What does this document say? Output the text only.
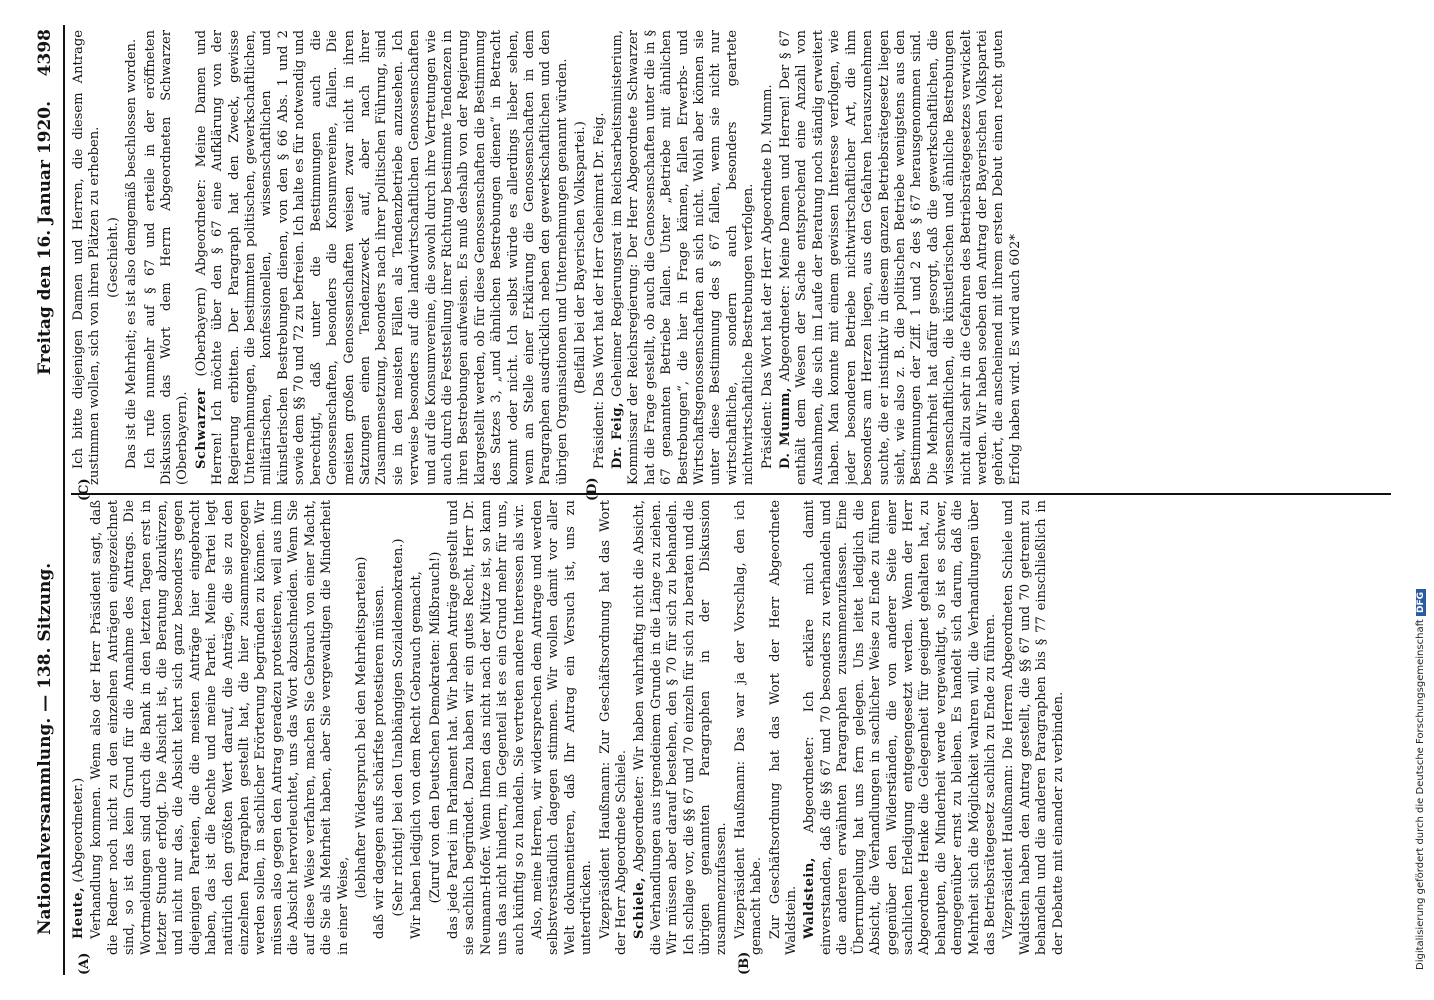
Nationalversammlung. — 138. Sitzung.
Freitag den 16. Januar 1920.
4398
(A)	(B)
(C)	(D)

Heute, (Abgeordneter.) Verhandlung kommen. Wenn also der Herr Präsident sagt, daß die Redner noch nicht zu den einzelnen Anträgen eingezeichnet sind, so ist das kein Grund für die Annahme des Antrags. Die Wortmeldungen sind durch die Bank in den letzten Tagen erst in letzter Stunde erfolgt. Die Absicht ist, die Beratung abzukürzen, und nicht nur das, die Absicht kehrt sich ganz besonders gegen diejenigen Parteien, die die meisten Anträge hier eingebracht haben, das ist die Rechte und meine Partei. Meine Partei legt natürlich den größten Wert darauf, die Anträge, die sie zu den einzelnen Paragraphen gestellt hat, die hier zusammengezogen werden sollen, in sachlicher Erörterung begründen zu können. Wir müssen also gegen den Antrag geradezu protestieren, weil aus ihm die Absicht hervorleuchtet, uns das Wort abzuschneiden. Wenn Sie auf diese Weise verfahren, machen Sie Gebrauch von einer Macht, die Sie als Mehrheit haben, aber Sie vergewaltigen die Minderheit in einer Weise,

(lebhafter Widerspruch bei den Mehrheitsparteien) daß wir dagegen aufs schärfste protestieren müssen. (Sehr richtig! bei den Unabhängigen Sozialdemokraten.) Wir haben lediglich von dem Recht Gebrauch gemacht, (Zuruf von den Deutschen Demokraten: Mißbrauch!) das jede Partei im Parlament hat. Wir haben Anträge gestellt und sie sachlich begründet. Dazu haben wir ein gutes Recht, Herr Dr. Neumann-Hofer. Wenn Ihnen das nicht nach der Mütze ist, so kann uns das nicht hindern, im Gegenteil ist es ein Grund mehr für uns, auch künftig so zu handeln. Sie vertreten andere Interessen als wir. Also, meine Herren, wir widersprechen dem Antrage und werden selbstverständlich dagegen stimmen. Wir wollen damit vor aller Welt dokumentieren, daß Ihr Antrag ein Versuch ist, uns zu unterdrücken. Vizepräsident Haußmann: Zur Geschäftsordnung hat das Wort der Herr Abgeordnete Schiele. Schiele, Abgeordneter: Wir haben wahrhaftig nicht die Absicht, die Verhandlungen aus irgendeinem Grunde in die Länge zu ziehen. Wir müssen aber darauf bestehen, den § 70 für sich zu behandeln. Ich schlage vor, die §§ 67 und 70 einzeln für sich zu beraten und die übrigen genannten Paragraphen in der Diskussion zusammenzufassen. Vizepräsident Haußmann: Das war ja der Vorschlag, den ich gemacht habe. Zur Geschäftsordnung hat das Wort der Herr Abgeordnete Waldstein. Waldstein, Abgeordneter: Ich erkläre mich damit einverstanden, daß die §§ 67 und 70 besonders zu verhandeln und die anderen erwähnten Paragraphen zusammenzufassen. Eine Überrumpelung hat uns fern gelegen. Uns leitet lediglich die Absicht, die Verhandlungen in sachlicher Weise zu Ende zu führen gegenüber den Widerständen, die von anderer Seite einer sachlichen Erledigung entgegengesetzt werden. Wenn der Herr Abgeordnete Henke die Gelegenheit für geeignet gehalten hat, zu behaupten, die Minderheit werde vergewaltigt, so ist es schwer, demgegenüber ernst zu bleiben. Es handelt sich darum, daß die Mehrheit sich die Möglichkeit wahren will, die Verhandlungen über das Betriebsrätegesetz sachlich zu Ende zu führen. Vizepräsident Haußmann: Die Herren Abgeordneten Schiele und Waldstein haben den Antrag gestellt, die §§ 67 und 70 getrennt zu behandeln und die anderen Paragraphen bis § 77 einschließlich in der Debatte mit einander zu verbinden.

Ich bitte diejenigen Damen und Herren, die diesem Antrage zustimmen wollen, sich von ihren Plätzen zu erheben. (Geschieht.) Das ist die Mehrheit; es ist also demgemäß beschlossen worden. Ich rufe nunmehr auf § 67 und erteile in der eröffneten Diskussion das Wort dem Herrn Abgeordneten Schwarzer (Oberbayern). Schwarzer (Oberbayern) Abgeordneter: Meine Damen und Herren! Ich möchte über den § 67 eine Aufklärung von der Regierung erbitten. Der Paragraph hat den Zweck, gewisse Unternehmungen, die bestimmten politischen, gewerkschaftlichen, militärischen, konfessionellen, wissenschaftlichen und künstlerischen Bestrebungen dienen, von den § 66 Abs. 1 und 2 sowie dem §§ 70 und 72 zu befreien. Ich halte es für notwendig und berechtigt, daß unter die Bestimmungen auch die Genossenschaften, besonders die Konsumvereine, fallen. Die meisten großen Genossenschaften weisen zwar nicht in ihren Satzungen einen Tendenzzweck auf, aber nach ihrer Zusammensetzung, besonders nach ihrer politischen Führung, sind sie in den meisten Fällen als Tendenzbetriebe anzusehen. Ich verweise besonders auf die landwirtschaftlichen Genossenschaften und auf die Konsumvereine, die sowohl durch ihre Vertretungen wie auch durch die Feststellung ihrer Richtung bestimmte Tendenzen in ihren Bestrebungen aufweisen. Es muß deshalb von der Regierung klargestellt werden, ob für diese Genossenschaften die Bestimmung des Satzes 3, „und ähnlichen Bestrebungen dienen“ in Betracht kommt oder nicht. Ich selbst würde es allerdings lieber sehen, wenn an Stelle einer Erklärung die Genossenschaften in dem Paragraphen ausdrücklich neben den gewerkschaftlichen und den übrigen Organisationen und Unternehmungen genannt würden. (Beifall bei der Bayerischen Volkspartei.) Präsident: Das Wort hat der Herr Geheimrat Dr. Feig. Dr. Feig, Geheimer Regierungsrat im Reichsarbeitsministerium, Kommissar der Reichsregierung: Der Herr Abgeordnete Schwarzer hat die Frage gestellt, ob auch die Genossenschaften unter die in § 67 genannten Betriebe fallen. Unter „Betriebe mit ähnlichen Bestrebungen“, die hier in Frage kämen, fallen Erwerbs- und Wirtschaftsgenossenschaften an sich nicht. Wohl aber können sie unter diese Bestimmung des § 67 fallen, wenn sie nicht nur wirtschaftliche, sondern auch besonders geartete nichtwirtschaftliche Bestrebungen verfolgen. Präsident: Das Wort hat der Herr Abgeordnete D. Mumm. D. Mumm, Abgeordneter: Meine Damen und Herren! Der § 67 enthält dem Wesen der Sache entsprechend eine Anzahl von Ausnahmen, die sich im Laufe der Beratung noch ständig erweitert haben. Man konnte mit einem gewissen Interesse verfolgen, wie jeder besonderen Betriebe nichtwirtschaftlicher Art, die ihm besonders am Herzen liegen, aus den Gefahren herauszunehmen suchte, die er instinktiv in diesem ganzen Betriebsrätegesetz liegen sieht, wie also z. B. die politischen Betriebe wenigstens aus den Bestimmungen der Ziff. 1 und 2 des § 67 herausgenommen sind. Die Mehrheit hat dafür gesorgt, daß die gewerkschaftlichen, die wissenschaftlichen, die künstlerischen und ähnliche Bestrebungen nicht allzu sehr in die Gefahren des Betriebsrätegesetzes verwickelt werden. Wir haben soeben den Antrag der Bayerischen Volkspartei gehört, die anscheinend mit ihrem ersten Debut einen recht guten Erfolg haben wird. Es wird auch 602*

Digitalisierung gefördert durch die Deutsche Forschungsgemeinschaft DFG
